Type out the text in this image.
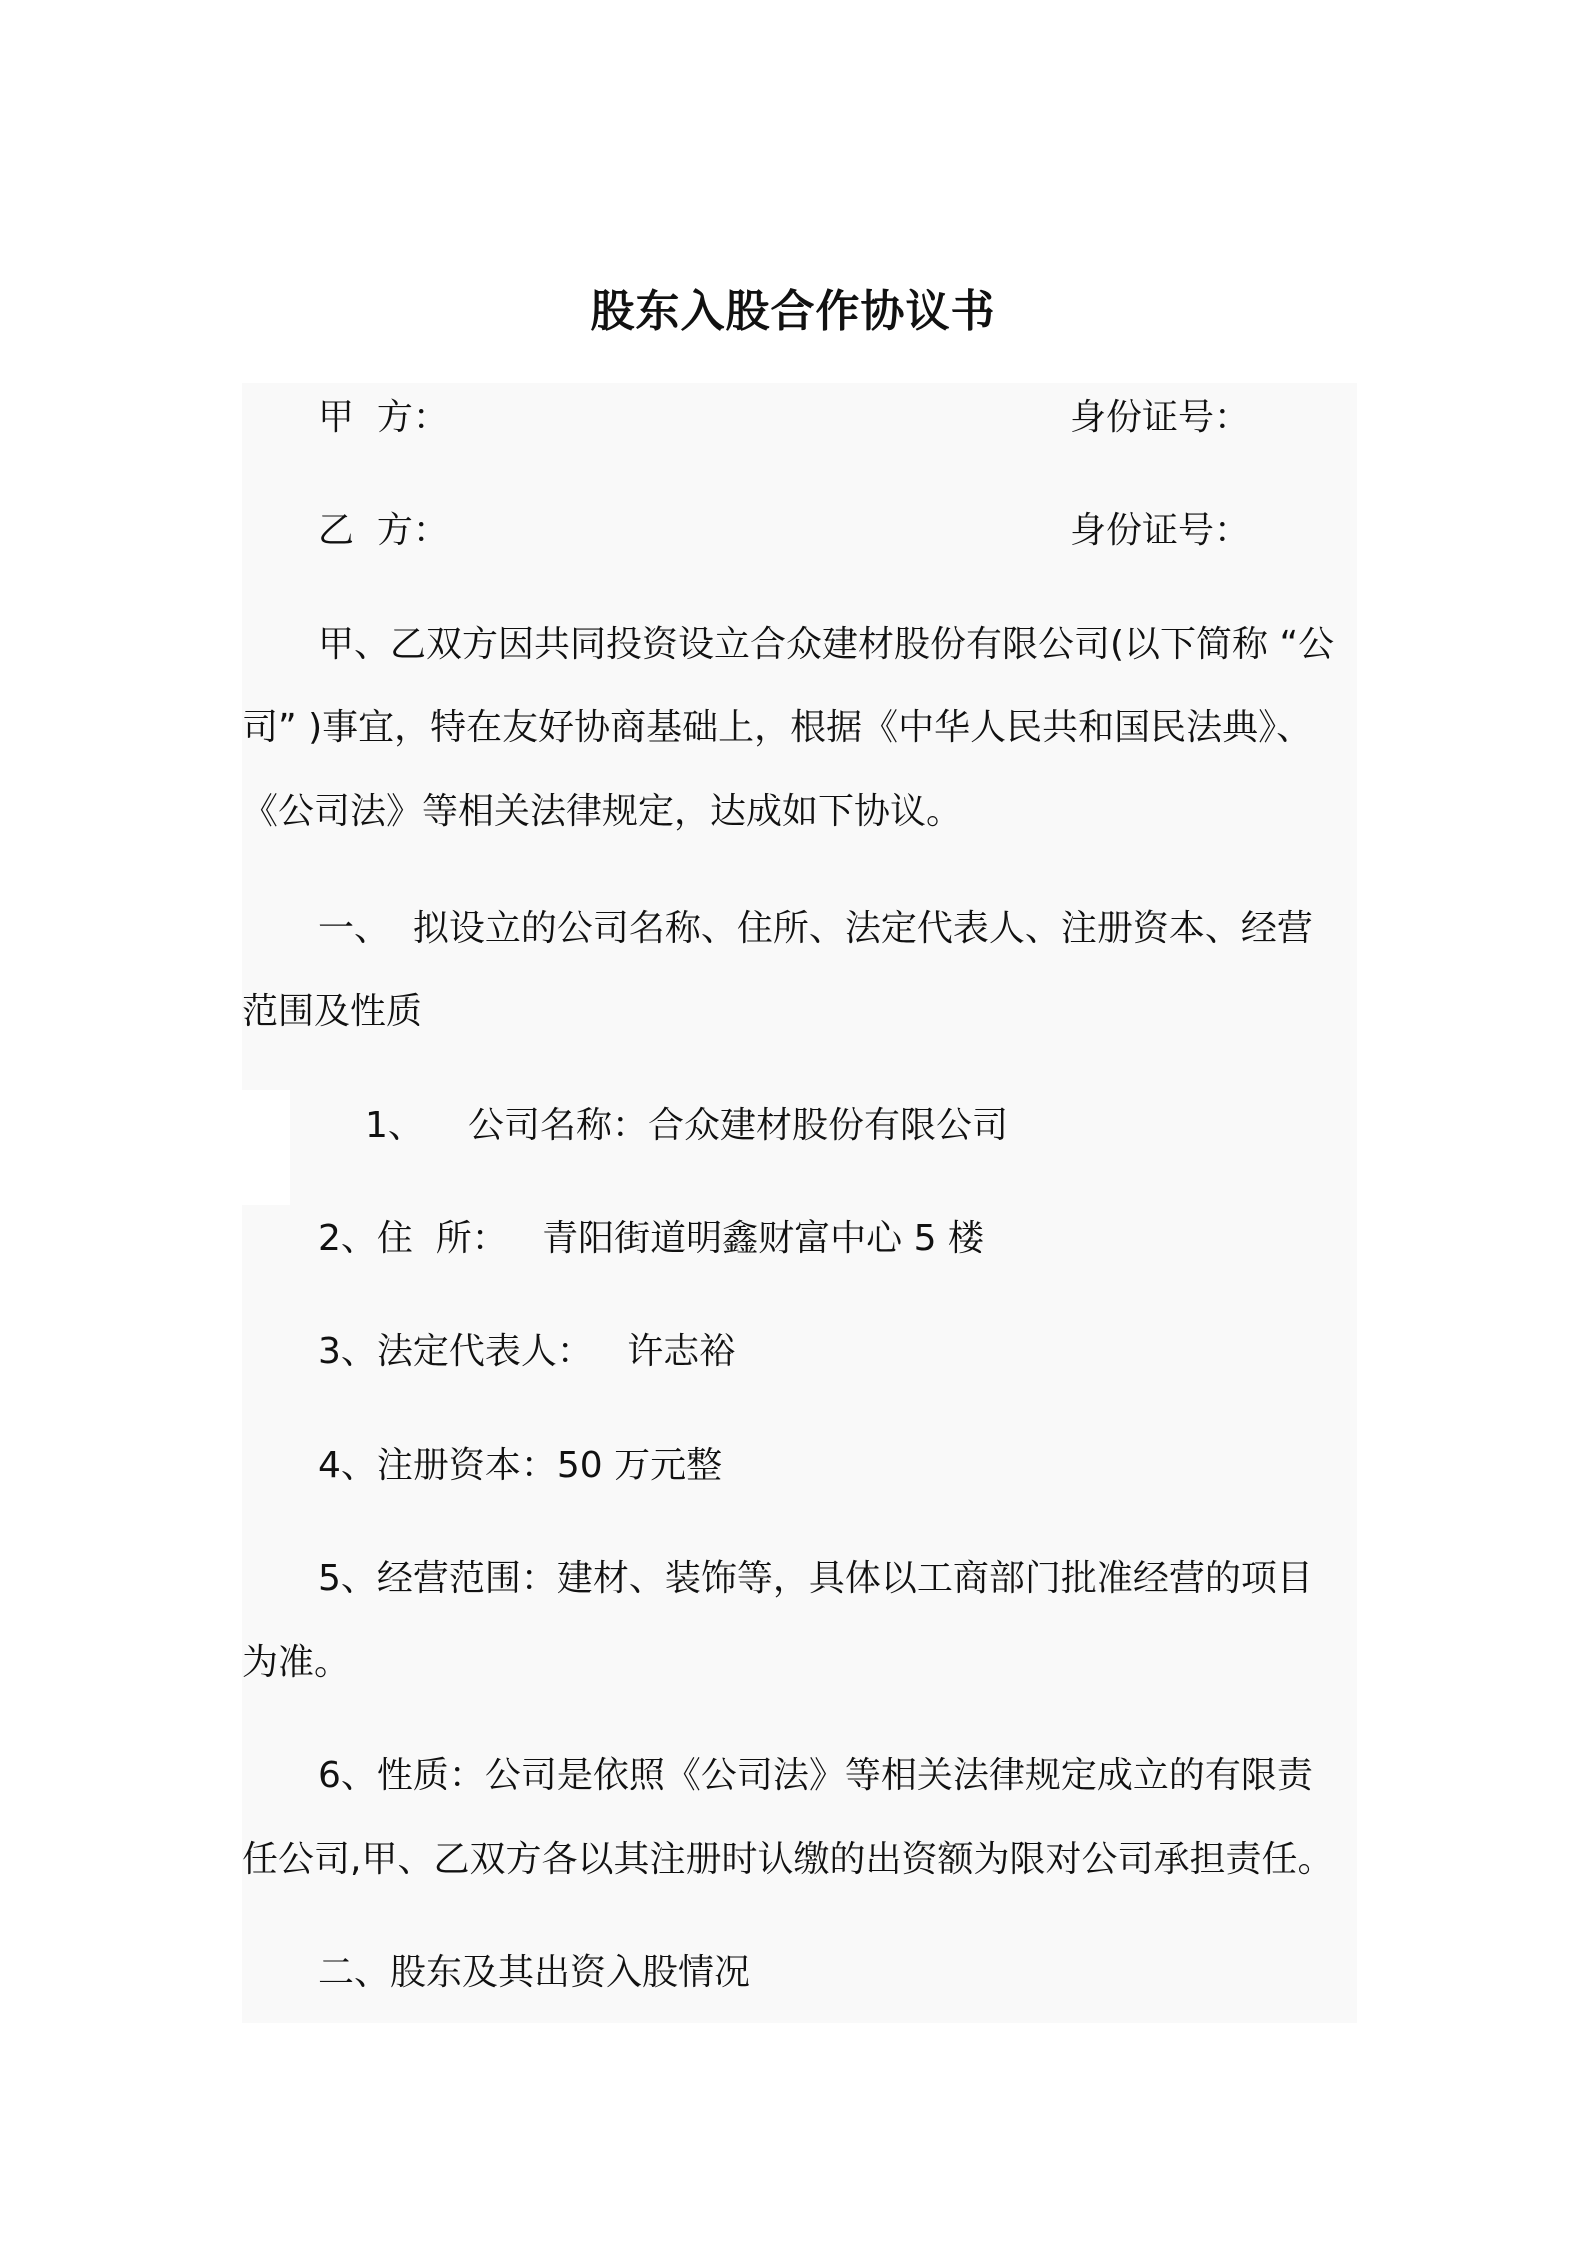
股东入股合作协议书
甲  方：	身份证号：
乙  方：	身份证号：
甲、乙双方因共同投资设立合众建材股份有限公司(以下简称 “公
司” )事宜，特在友好协商基础上，根据《中华人民共和国民法典》、
《公司法》等相关法律规定，达成如下协议。
一、  拟设立的公司名称、住所、法定代表人、注册资本、经营
范围及性质
1、 公司名称：合众建材股份有限公司
2、住  所：   青阳街道明鑫财富中心 5 楼
3、法定代表人：   许志裕
4、注册资本：50 万元整
5、经营范围：建材、装饰等，具体以工商部门批准经营的项目
为准。
6、性质：公司是依照《公司法》等相关法律规定成立的有限责
任公司,甲、乙双方各以其注册时认缴的出资额为限对公司承担责任。
二、股东及其出资入股情况
